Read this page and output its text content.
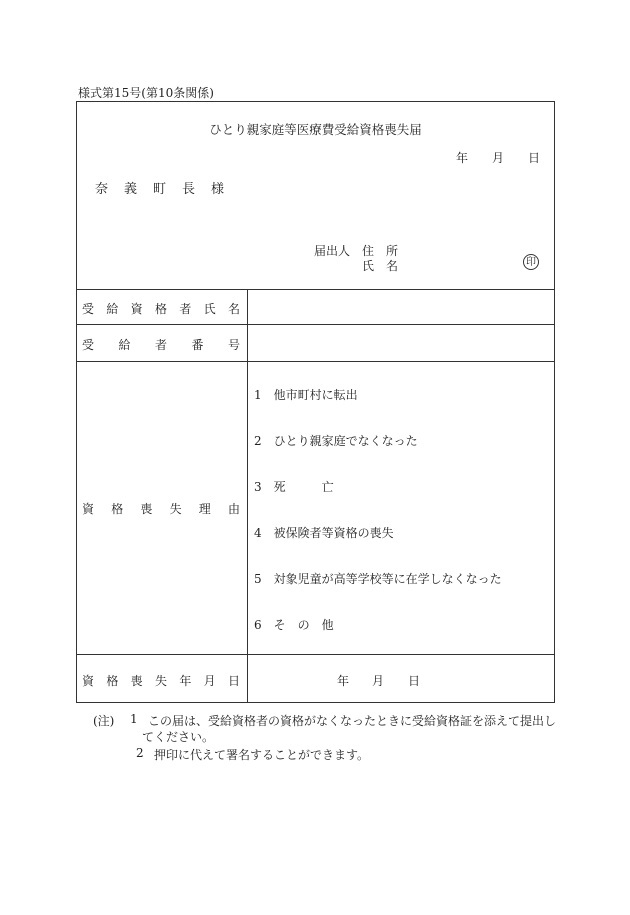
様式第15号(第10条関係)
ひとり親家庭等医療費受給資格喪失届
年 月 日
奈 義 町 長 様
届出人 住　所
氏　名	印
受 給 資 格 者 氏 名
受 給 者 番 号
資 格 喪 失 理 由
資 格 喪 失 年 月 日
1　 他市町村に転出
2　 ひとり親家庭でなくなった
3　 死　　　亡
4　 被保険者等資格の喪失
5　 対象児童が高等学校等に在学しなくなった
6　 そ　の　他
年 月 日
(注) 1 この届は、受給資格者の資格がなくなったときに受給資格証を添えて提出し
てください。
2 押印に代えて署名することができます。
